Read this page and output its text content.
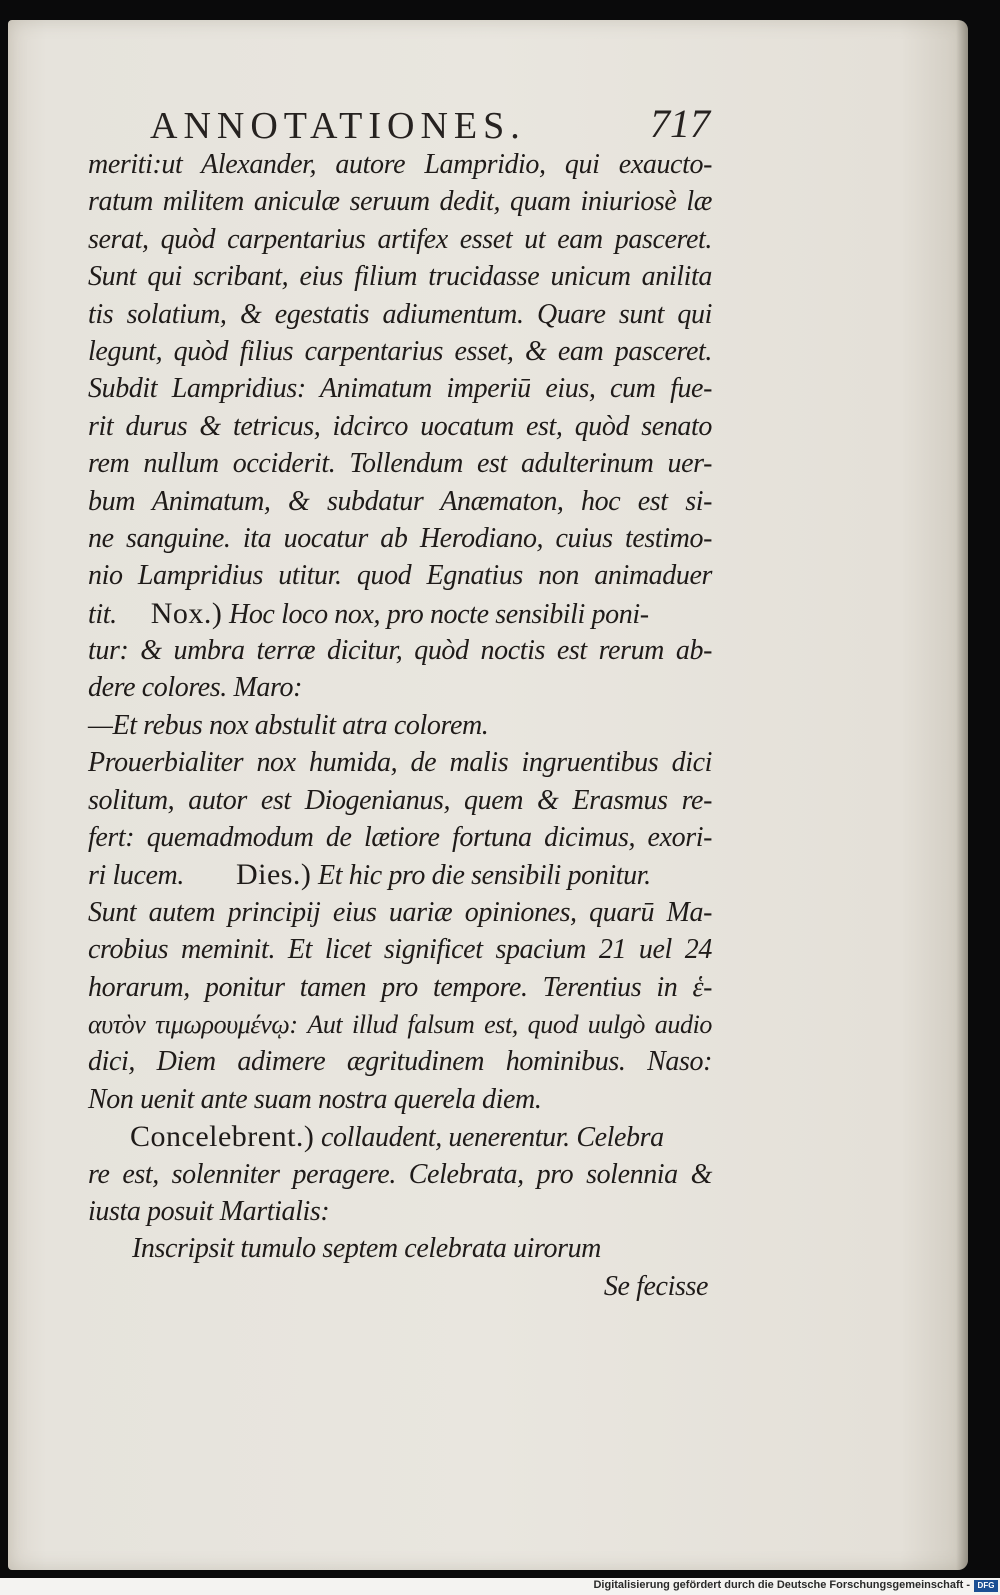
ANNOTATIONES.	717
meriti:ut Alexander, autore Lampridio, qui exaucto-
ratum militem aniculæ seruum dedit, quam iniuriosè læ
serat, quòd carpentarius artifex esset ut eam pasceret.
Sunt qui scribant, eius filium trucidasse unicum anilita
tis solatium, & egestatis adiumentum. Quare sunt qui
legunt, quòd filius carpentarius esset, & eam pasceret.
Subdit Lampridius: Animatum imperiū eius, cum fue-
rit durus & tetricus, idcirco uocatum est, quòd senato
rem nullum occiderit. Tollendum est adulterinum uer-
bum Animatum, & subdatur Anæmaton, hoc est si-
ne sanguine. ita uocatur ab Herodiano, cuius testimo-
nio Lampridius utitur. quod Egnatius non animaduer
tit. Nox.) Hoc loco nox, pro nocte sensibili poni-
tur: & umbra terræ dicitur, quòd noctis est rerum ab-
dere colores. Maro:
—Et rebus nox abstulit atra colorem.
Prouerbialiter nox humida, de malis ingruentibus dici
solitum, autor est Diogenianus, quem & Erasmus re-
fert: quemadmodum de lætiore fortuna dicimus, exori-
ri lucem. Dies.) Et hic pro die sensibili ponitur.
Sunt autem principij eius uariæ opiniones, quarū Ma-
crobius meminit. Et licet significet spacium 21 uel 24
horarum, ponitur tamen pro tempore. Terentius in ἑ-
αυτὸν τιμωρουμένῳ: Aut illud falsum est, quod uulgò audio
dici, Diem adimere ægritudinem hominibus. Naso:
Non uenit ante suam nostra querela diem.
Concelebrent.) collaudent, uenerentur. Celebra
re est, solenniter peragere. Celebrata, pro solennia &
iusta posuit Martialis:
Inscripsit tumulo septem celebrata uirorum
Se fecisse
Digitalisierung gefördert durch die Deutsche Forschungsgemeinschaft - DFG
